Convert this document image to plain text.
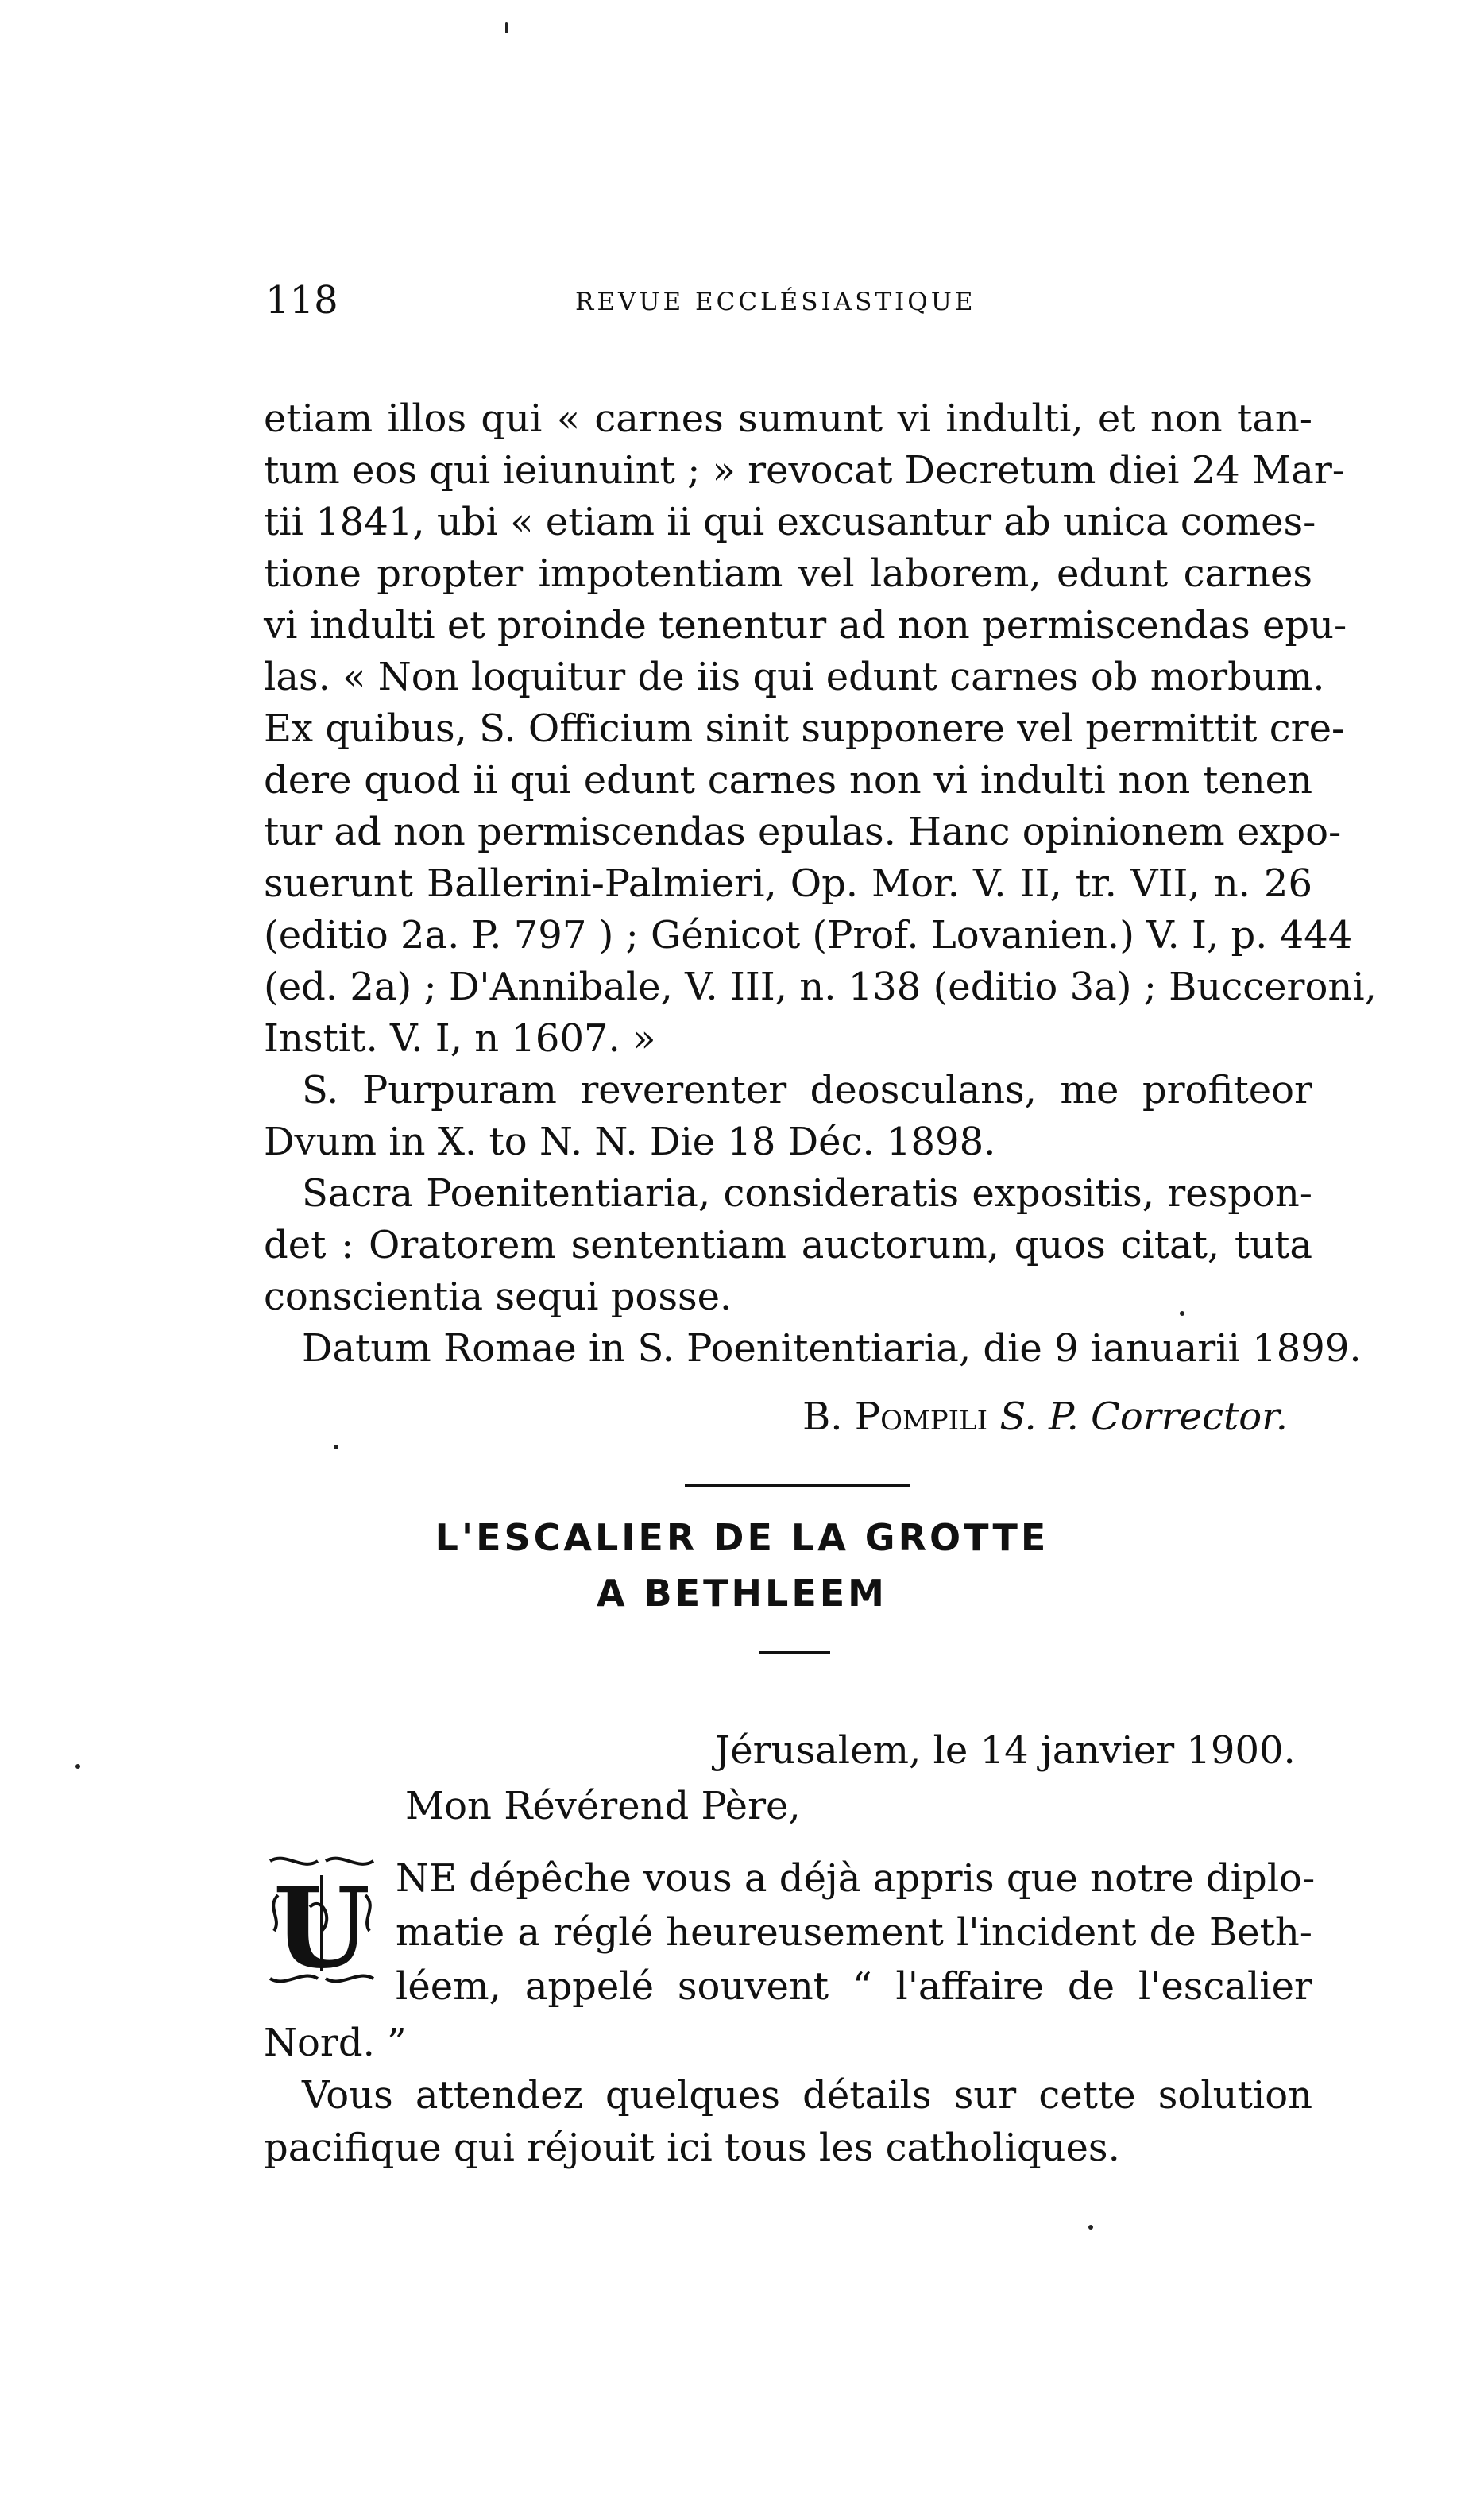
118	REVUE ECCLÉSIASTIQUE
etiam illos qui « carnes sumunt vi indulti, et non tan-
tum eos qui ieiunuint ; » revocat Decretum diei 24 Mar-
tii 1841, ubi « etiam ii qui excusantur ab unica comes-
tione propter impotentiam vel laborem, edunt carnes
vi indulti et proinde tenentur ad non permiscendas epu-
las. « Non loquitur de iis qui edunt carnes ob morbum.
Ex quibus, S. Officium sinit supponere vel permittit cre-
dere quod ii qui edunt carnes non vi indulti non tenen
tur ad non permiscendas epulas. Hanc opinionem expo-
suerunt Ballerini-Palmieri, Op. Mor. V. II, tr. VII, n. 26
(editio 2a. P. 797 ) ; Génicot (Prof. Lovanien.) V. I, p. 444
(ed. 2a) ; D'Annibale, V. III, n. 138 (editio 3a) ; Bucceroni,
Instit. V. I, n 1607. »
S. Purpuram reverenter deosculans, me profiteor
Dvum in X. to N. N. Die 18 Déc. 1898.
Sacra Poenitentiaria, consideratis expositis, respon-
det : Oratorem sententiam auctorum, quos citat, tuta
conscientia sequi posse.
Datum Romae in S. Poenitentiaria, die 9 ianuarii 1899.
B. Pompili S. P. Corrector.
L'ESCALIER DE LA GROTTE
A BETHLEEM
Jérusalem, le 14 janvier 1900.
Mon Révérend Père,
U NE dépêche vous a déjà appris que notre diplo-
matie a réglé heureusement l'incident de Beth-
léem, appelé souvent “ l'affaire de l'escalier
Nord. ”
Vous attendez quelques détails sur cette solution
pacifique qui réjouit ici tous les catholiques.
